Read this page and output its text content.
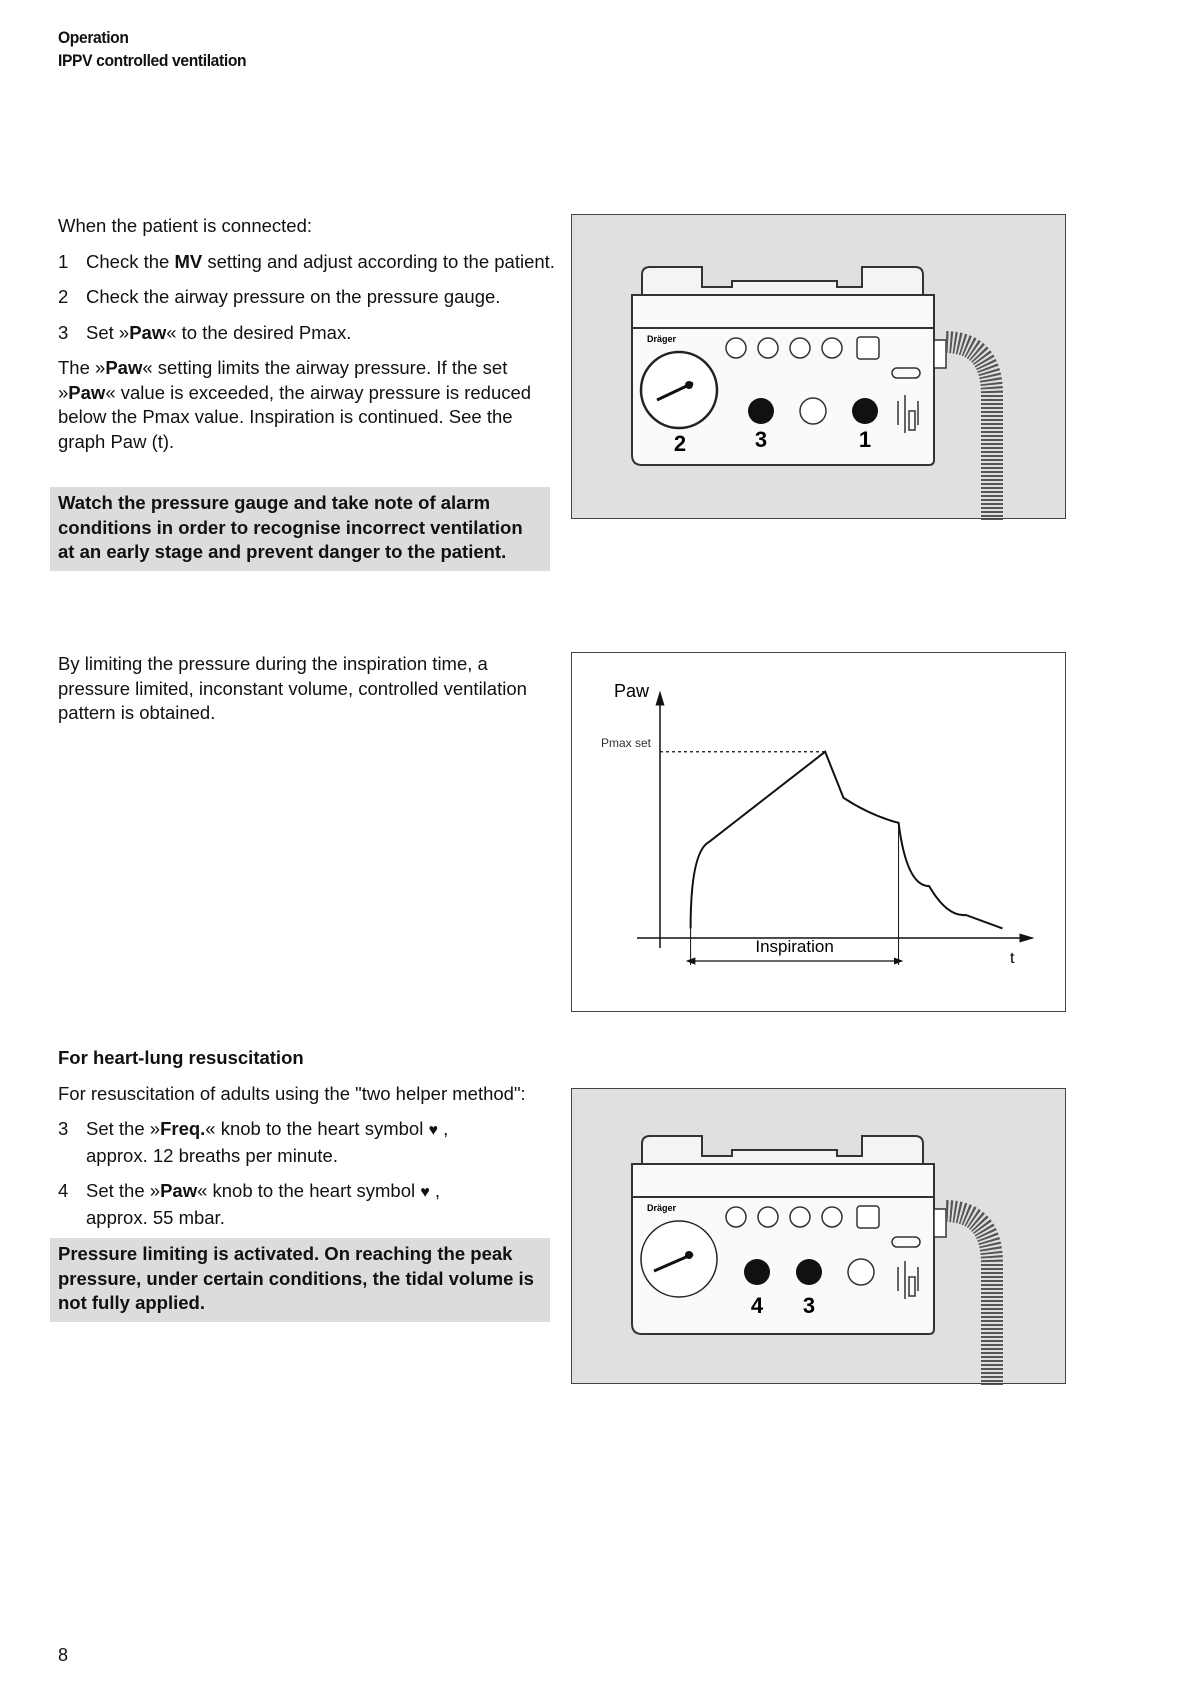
Operation
IPPV controlled ventilation
When the patient is connected:
1 Check the MV setting and adjust according to the patient.
2 Check the airway pressure on the pressure gauge.
3 Set »Paw« to the desired Pmax.
The »Paw« setting limits the airway pressure. If the set »Paw« value is exceeded, the airway pressure is reduced below the Pmax value. Inspiration is continued. See the graph Paw (t).
Watch the pressure gauge and take note of alarm conditions in order to recognise incorrect ventilation at an early stage and prevent danger to the patient.
Dräger
2	3	1
By limiting the pressure during the inspiration time, a pressure limited, inconstant volume, controlled ventilation pattern is obtained.
Paw
t
Pmax set
Inspiration
For heart-lung resuscitation
For resuscitation of adults using the "two helper method":
3 Set the »Freq.« knob to the heart symbol ♥ ,
approx. 12 breaths per minute.
4 Set the »Paw« knob to the heart symbol ♥ ,
approx. 55 mbar.
Pressure limiting is activated. On reaching the peak pressure, under certain conditions, the tidal volume is not fully applied.
Dräger
4 3
8
